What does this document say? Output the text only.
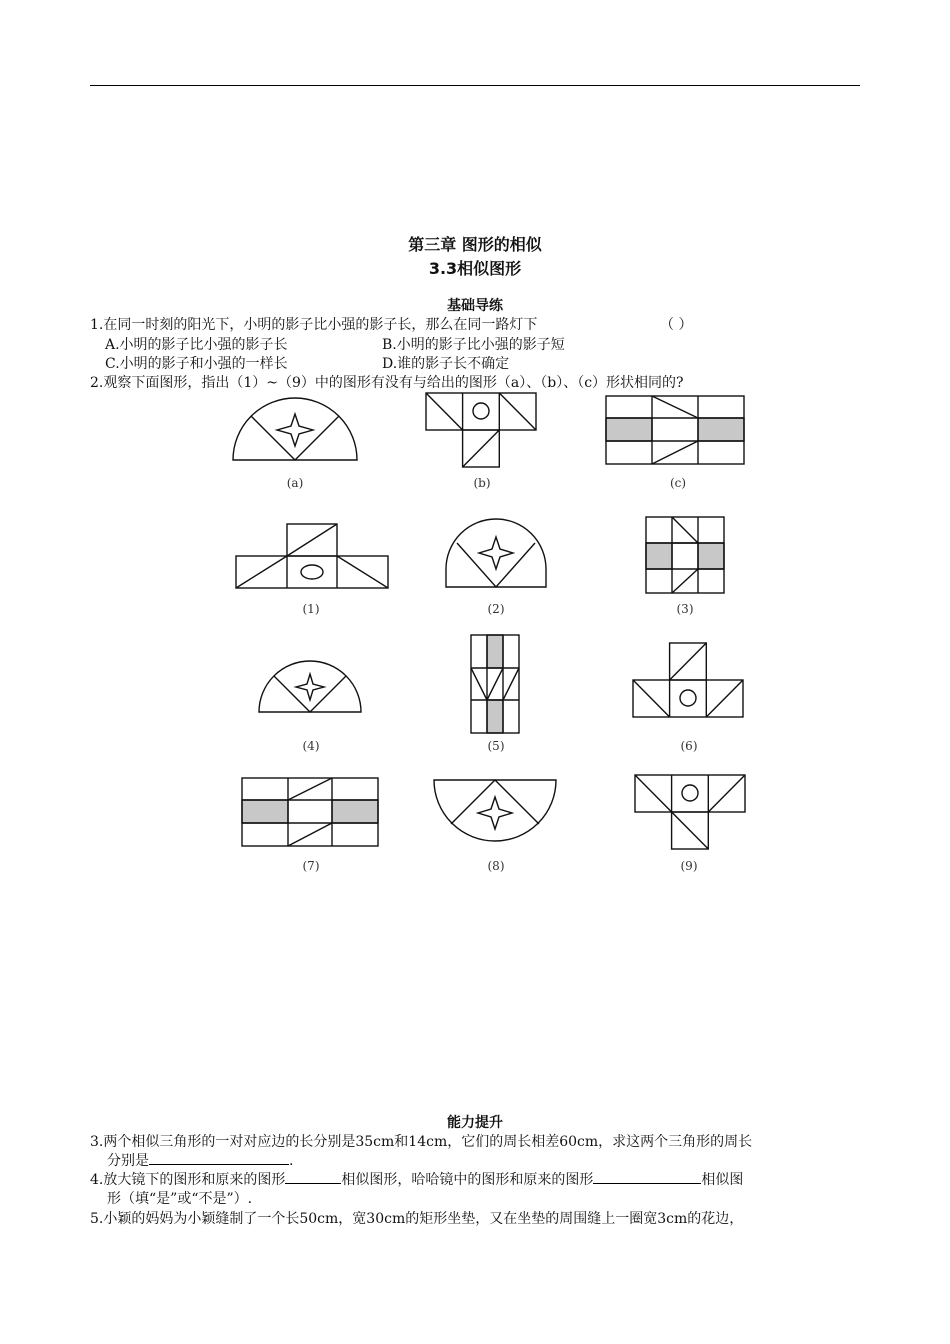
第三章 图形的相似
3.3相似图形
基础导练
1.在同一时刻的阳光下，小明的影子比小强的影子长，那么在同一路灯下	（ ）
A.小明的影子比小强的影子长	B.小明的影子比小强的影子短
C.小明的影子和小强的一样长	D.谁的影子长不确定
2.观察下面图形，指出（1）~（9）中的图形有没有与给出的图形（a）、（b）、（c）形状相同的?
(a)	(b)	(c)
(1)	(2)	(3)
(4)	(5)	(6)
(7)	(8)	(9)
能力提升
3.两个相似三角形的一对对应边的长分别是35cm和14cm，它们的周长相差60cm，求这两个三角形的周长
分别是	.
4.放大镜下的图形和原来的图形	相似图形，哈哈镜中的图形和原来的图形	相似图
形（填“是”或“不是”）.
5.小颖的妈妈为小颖缝制了一个长50cm，宽30cm的矩形坐垫，又在坐垫的周围缝上一圈宽3cm的花边，
